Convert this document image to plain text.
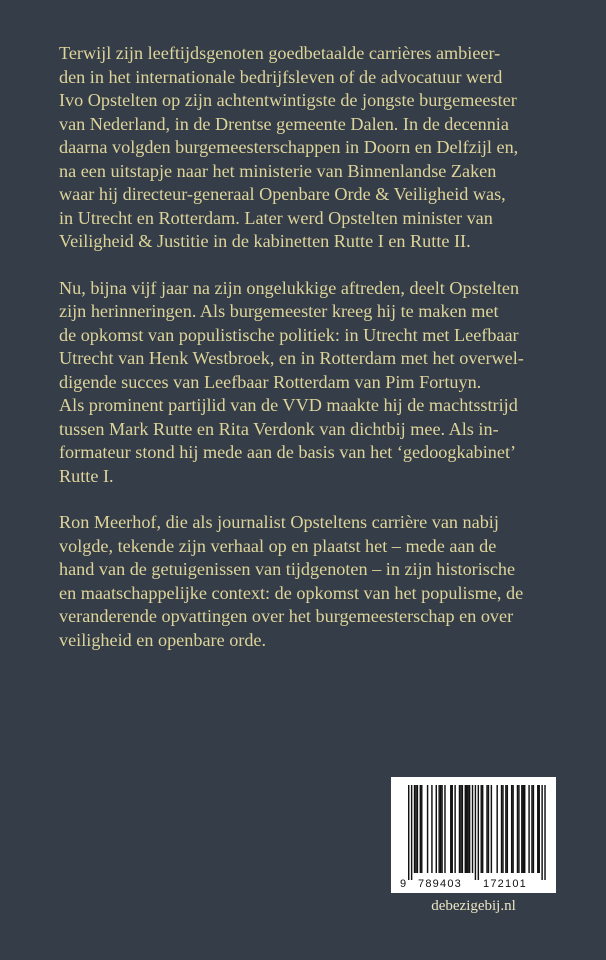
Terwijl zijn leeftijdsgenoten goedbetaalde carrières ambieer-
den in het internationale bedrijfsleven of de advocatuur werd
Ivo Opstelten op zijn achtentwintigste de jongste burgemeester
van Nederland, in de Drentse gemeente Dalen. In de decennia
daarna volgden burgemeesterschappen in Doorn en Delfzijl en,
na een uitstapje naar het ministerie van Binnenlandse Zaken
waar hij directeur-generaal Openbare Orde & Veiligheid was,
in Utrecht en Rotterdam. Later werd Opstelten minister van
Veiligheid & Justitie in de kabinetten Rutte I en Rutte II.

Nu, bijna vijf jaar na zijn ongelukkige aftreden, deelt Opstelten
zijn herinneringen. Als burgemeester kreeg hij te maken met
de opkomst van populistische politiek: in Utrecht met Leefbaar
Utrecht van Henk Westbroek, en in Rotterdam met het overwel-
digende succes van Leefbaar Rotterdam van Pim Fortuyn.
Als prominent partijlid van de VVD maakte hij de machtsstrijd
tussen Mark Rutte en Rita Verdonk van dichtbij mee. Als in-
formateur stond hij mede aan de basis van het ‘gedoogkabinet’
Rutte I.

Ron Meerhof, die als journalist Opsteltens carrière van nabij
volgde, tekende zijn verhaal op en plaatst het – mede aan de
hand van de getuigenissen van tijdgenoten – in zijn historische
en maatschappelijke context: de opkomst van het populisme, de
veranderende opvattingen over het burgemeesterschap en over
veiligheid en openbare orde.

9 789403 172101
debezigebij.nl
